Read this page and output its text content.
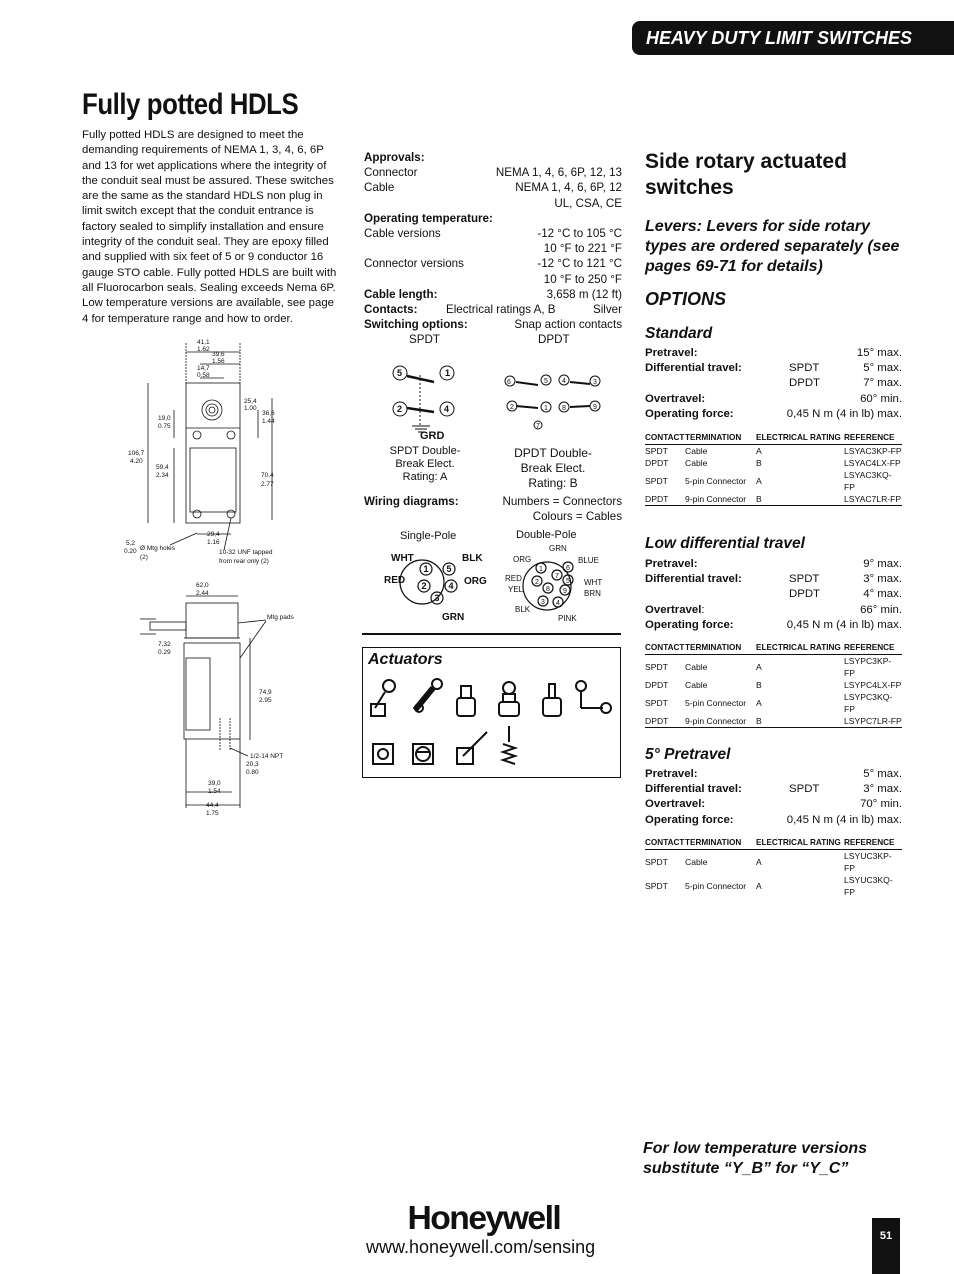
HEAVY DUTY LIMIT SWITCHES
Fully potted HDLS
Fully potted HDLS are designed to meet the demanding requirements of NEMA 1, 3, 4, 6, 6P and 13 for wet applications where the integrity of the conduit seal must be assured. These switches are the same as the standard HDLS non plug in limit switch except that the conduit entrance is factory sealed to simplify installation and ensure integrity of the conduit seal. They are epoxy filled and supplied with six feet of 5 or 9 conductor 16 gauge STO cable. Fully potted HDLS are built with all Fluorocarbon seals. Sealing exceeds Nema 6P. Low temperature versions are available, see page 4 for temperature range and how to order.
41,1
1.62
39,6
1.56
14,7
0.58
25,4
1.00
36,6
1.44
19,0
0.75
106,7
4.20
59,4
2.34	70,4
2.77
29,4
1.16
5,2
0.20 Ø Mtg holes
(2)
10-32 UNF tapped
from rear only (2)
62,0
2.44
Mtg pads
7,32
0.29
74,9
2.95
1/2-14 NPT
20,3
0.80
39,0
1.54
44,4
1.75
Approvals:
Connector	NEMA 1, 4, 6, 6P, 12, 13
Cable	NEMA 1, 4, 6, 6P, 12
UL, CSA, CE
Operating temperature:
Cable versions	-12 °C to 105 °C
10 °F to 221 °F
Connector versions	-12 °C to 121 °C
10 °F to 250 °F
Cable length:	3,658 m (12 ft)
Contacts: Electrical ratings A, B	Silver
Switching options:	Snap action contacts
SPDT	DPDT
5	1
2	4
GRD
6	5 4	3
2	1 8	9
7
SPDT Double-
Break Elect.
Rating: A
DPDT Double-
Break Elect.
Rating: B
Wiring diagrams:	Numbers = Connectors
Colours = Cables
Single-Pole	Double-Pole
1 5
2 4
3
1	6
2
7
5
8 9
3 4
WHT	BLK
RED	ORG
GRN
GRN
ORG	BLUE
RED
YEL
WHT
BRN
BLK
PINK
Actuators
Side rotary actuated
switches
Levers: Levers for side rotary types are ordered separately (see pages 69-71 for details)
OPTIONS
Standard
Pretravel:	15° max.
Differential travel:	SPDT	5° max.
DPDT	7° max.
Overtravel:	60° min.
Operating force:	0,45 N m (4 in lb) max.
CONTACT	TERMINATION	ELECTRICAL RATING	REFERENCE
SPDT	Cable	A	LSYAC3KP-FP
DPDT	Cable	B	LSYAC4LX-FP
SPDT	5-pin Connector	A	LSYAC3KQ-FP
DPDT	9-pin Connector	B	LSYAC7LR-FP
Low differential travel
Pretravel:	9° max.
Differential travel:	SPDT	3° max.
DPDT	4° max.
Overtravel:	66° min.
Operating force:	0,45 N m (4 in lb) max.
CONTACT	TERMINATION	ELECTRICAL RATING	REFERENCE
SPDT	Cable	A	LSYPC3KP-FP
DPDT	Cable	B	LSYPC4LX-FP
SPDT	5-pin Connector	A	LSYPC3KQ-FP
DPDT	9-pin Connector	B	LSYPC7LR-FP
5° Pretravel
Pretravel:	5° max.
Differential travel:	SPDT	3° max.
Overtravel:	70° min.
Operating force:	0,45 N m (4 in lb) max.
CONTACT	TERMINATION	ELECTRICAL RATING	REFERENCE
SPDT	Cable	A	LSYUC3KP-FP
SPDT	5-pin Connector	A	LSYUC3KQ-FP
For low temperature versions
substitute “Y_B” for “Y_C”
Honeywell
www.honeywell.com/sensing
51
